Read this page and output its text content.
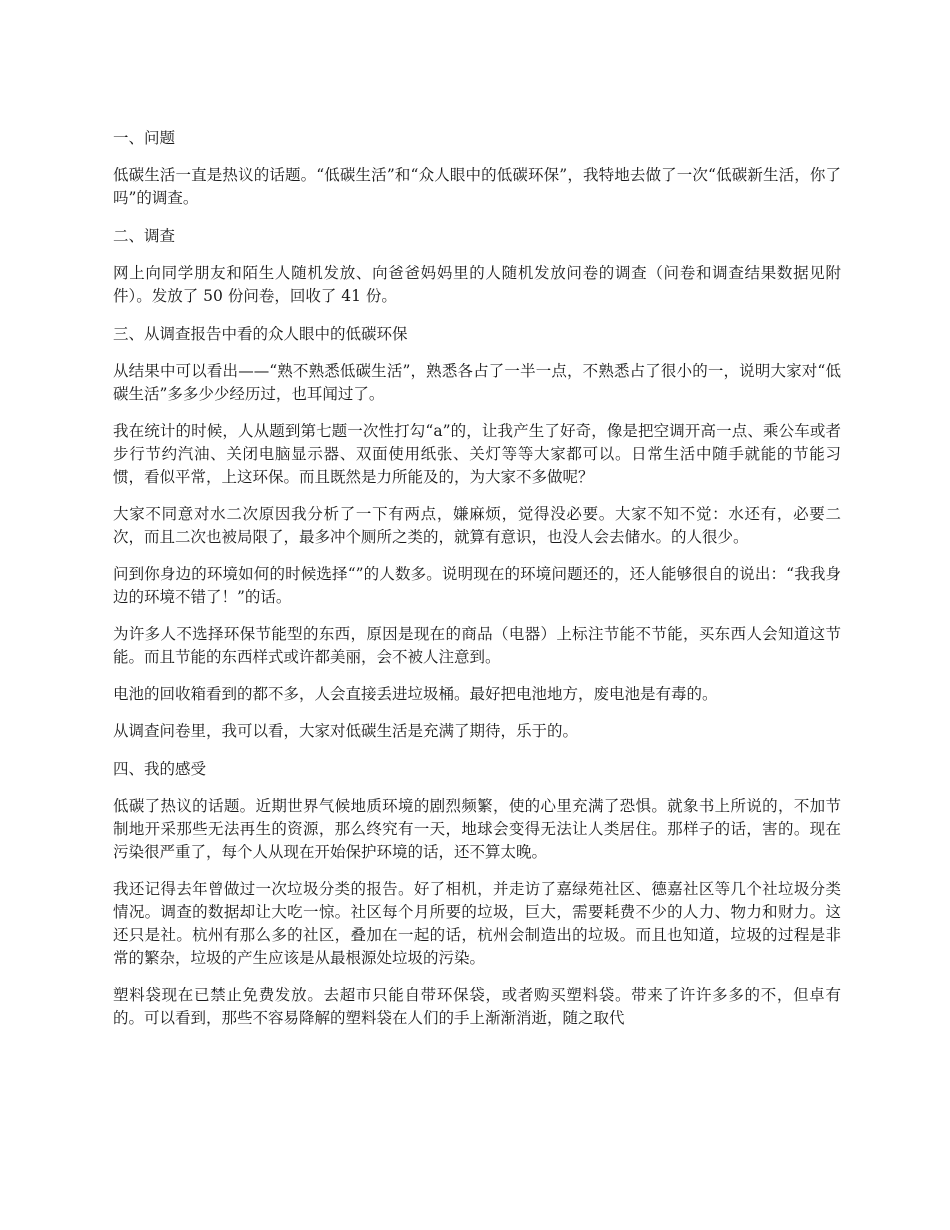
一、问题

低碳生活一直是热议的话题。“低碳生活”和“众人眼中的低碳环保”，我特地去做了一次“低碳新生活，你了吗”的调查。

二、调查

网上向同学朋友和陌生人随机发放、向爸爸妈妈里的人随机发放问卷的调查（问卷和调查结果数据见附件）。发放了 50 份问卷，回收了 41 份。

三、从调查报告中看的众人眼中的低碳环保

从结果中可以看出——“熟不熟悉低碳生活”，熟悉各占了一半一点，不熟悉占了很小的一，说明大家对“低碳生活”多多少少经历过，也耳闻过了。

我在统计的时候，人从题到第七题一次性打勾“a”的，让我产生了好奇，像是把空调开高一点、乘公车或者步行节约汽油、关闭电脑显示器、双面使用纸张、关灯等等大家都可以。日常生活中随手就能的节能习惯，看似平常，上这环保。而且既然是力所能及的，为大家不多做呢？

大家不同意对水二次原因我分析了一下有两点，嫌麻烦，觉得没必要。大家不知不觉：水还有，必要二次，而且二次也被局限了，最多冲个厕所之类的，就算有意识，也没人会去储水。的人很少。

问到你身边的环境如何的时候选择“”的人数多。说明现在的环境问题还的，还人能够很自的说出：“我我身边的环境不错了！”的话。

为许多人不选择环保节能型的东西，原因是现在的商品（电器）上标注节能不节能，买东西人会知道这节能。而且节能的东西样式或许都美丽，会不被人注意到。

电池的回收箱看到的都不多，人会直接丢进垃圾桶。最好把电池地方，废电池是有毒的。

从调查问卷里，我可以看，大家对低碳生活是充满了期待，乐于的。

四、我的感受

低碳了热议的话题。近期世界气候地质环境的剧烈频繁，使的心里充满了恐惧。就象书上所说的，不加节制地开采那些无法再生的资源，那么终究有一天，地球会变得无法让人类居住。那样子的话，害的。现在污染很严重了，每个人从现在开始保护环境的话，还不算太晚。

我还记得去年曾做过一次垃圾分类的报告。好了相机，并走访了嘉绿苑社区、德嘉社区等几个社垃圾分类情况。调查的数据却让大吃一惊。社区每个月所要的垃圾，巨大，需要耗费不少的人力、物力和财力。这还只是社。杭州有那么多的社区，叠加在一起的话，杭州会制造出的垃圾。而且也知道，垃圾的过程是非常的繁杂，垃圾的产生应该是从最根源处垃圾的污染。

塑料袋现在已禁止免费发放。去超市只能自带环保袋，或者购买塑料袋。带来了许许多多的不，但卓有的。可以看到，那些不容易降解的塑料袋在人们的手上渐渐消逝，随之取代
